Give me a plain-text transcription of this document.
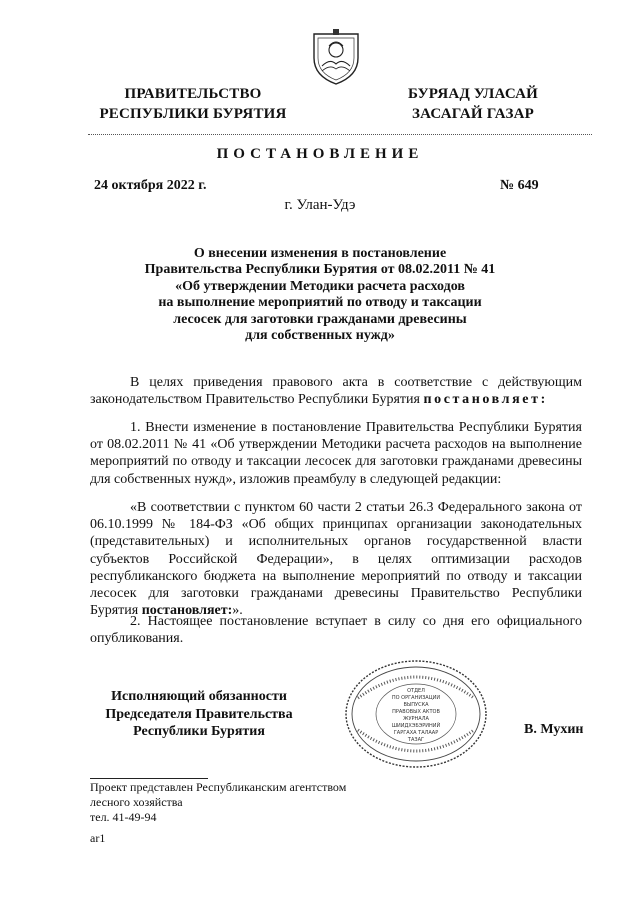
ПРАВИТЕЛЬСТВО
РЕСПУБЛИКИ БУРЯТИЯ
БУРЯАД УЛАСАЙ
ЗАСАГАЙ ГАЗАР
ПОСТАНОВЛЕНИЕ
24 октября 2022 г.	№ 649
г. Улан-Удэ
О внесении изменения в постановление
Правительства Республики Бурятия от 08.02.2011 № 41
«Об утверждении Методики расчета расходов
на выполнение мероприятий по отводу и таксации
лесосек для заготовки гражданами древесины
для собственных нужд»

В целях приведения правового акта в соответствие с действующим законодательством Правительство Республики Бурятия постановляет:

1. Внести изменение в постановление Правительства Республики Бурятия от 08.02.2011 № 41 «Об утверждении Методики расчета расходов на выполнение мероприятий по отводу и таксации лесосек для заготовки гражданами древесины для собственных нужд», изложив преамбулу в следующей редакции:

«В соответствии с пунктом 60 части 2 статьи 26.3 Федерального закона от 06.10.1999 № 184-ФЗ «Об общих принципах организации законодательных (представительных) и исполнительных органов государственной власти субъектов Российской Федерации», в целях оптимизации расходов республиканского бюджета на выполнение мероприятий по отводу и таксации лесосек для заготовки гражданами древесины Правительство Республики Бурятия постановляет:».

2. Настоящее постановление вступает в силу со дня его официального опубликования.

Исполняющий обязанности
Председателя Правительства
Республики Бурятия
ОТДЕЛ
ПО ОРГАНИЗАЦИИ
ВЫПУСКА
ПРАВОВЫХ АКТОВ
ЖУРНАЛА
ШИИДХЭБЭРИНИЙ
ГАРГАХА ТАЛААР
ТАЗАГ
В. Мухин
Проект представлен Республиканским агентством
лесного хозяйства
тел. 41-49-94
ar1
